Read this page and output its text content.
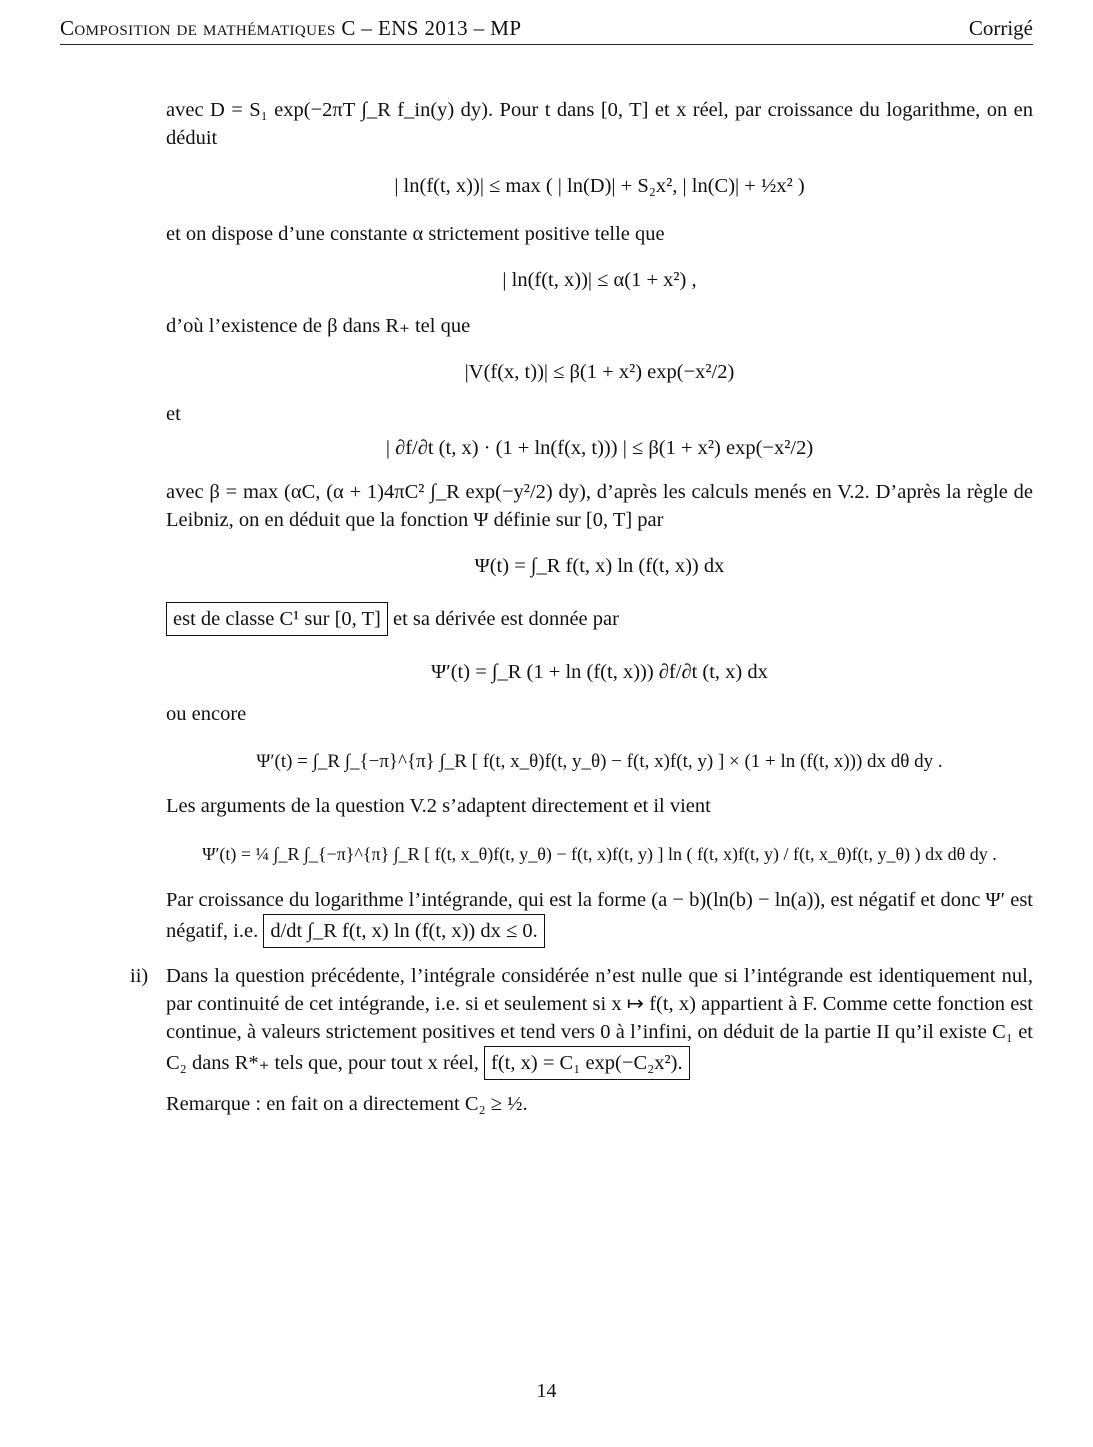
Composition de mathématiques C – ENS 2013 – MP	Corrigé

avec D = S₁ exp(−2πT ∫_R f_in(y) dy). Pour t dans [0, T] et x réel, par croissance du logarithme, on en déduit

| ln(f(t, x))| ≤ max ( | ln(D)| + S₂x², | ln(C)| + ½x² )

et on dispose d’une constante α strictement positive telle que

| ln(f(t, x))| ≤ α(1 + x²) ,

d’où l’existence de β dans R₊ tel que

|V(f(x, t))| ≤ β(1 + x²) exp(−x²/2)

et

| ∂f/∂t (t, x) · (1 + ln(f(x, t))) | ≤ β(1 + x²) exp(−x²/2)

avec β = max (αC, (α + 1)4πC² ∫_R exp(−y²/2) dy), d’après les calculs menés en V.2. D’après la règle de Leibniz, on en déduit que la fonction Ψ définie sur [0, T] par

Ψ(t) = ∫_R f(t, x) ln (f(t, x)) dx

est de classe C¹ sur [0, T] et sa dérivée est donnée par

Ψ′(t) = ∫_R (1 + ln (f(t, x))) ∂f/∂t (t, x) dx

ou encore

Ψ′(t) = ∫_R ∫_{−π}^{π} ∫_R [ f(t, x_θ)f(t, y_θ) − f(t, x)f(t, y) ] × (1 + ln (f(t, x))) dx dθ dy .

Les arguments de la question V.2 s’adaptent directement et il vient

Ψ′(t) = ¼ ∫_R ∫_{−π}^{π} ∫_R [ f(t, x_θ)f(t, y_θ) − f(t, x)f(t, y) ] ln ( f(t, x)f(t, y) / f(t, x_θ)f(t, y_θ) ) dx dθ dy .

Par croissance du logarithme l’intégrande, qui est la forme (a − b)(ln(b) − ln(a)), est négatif et donc Ψ′ est négatif, i.e. d/dt ∫_R f(t, x) ln (f(t, x)) dx ≤ 0.

ii) Dans la question précédente, l’intégrale considérée n’est nulle que si l’intégrande est identiquement nul, par continuité de cet intégrande, i.e. si et seulement si x ↦ f(t, x) appartient à F. Comme cette fonction est continue, à valeurs strictement positives et tend vers 0 à l’infini, on déduit de la partie II qu’il existe C₁ et C₂ dans R*₊ tels que, pour tout x réel, f(t, x) = C₁ exp(−C₂x²).

Remarque : en fait on a directement C₂ ≥ ½.

14
